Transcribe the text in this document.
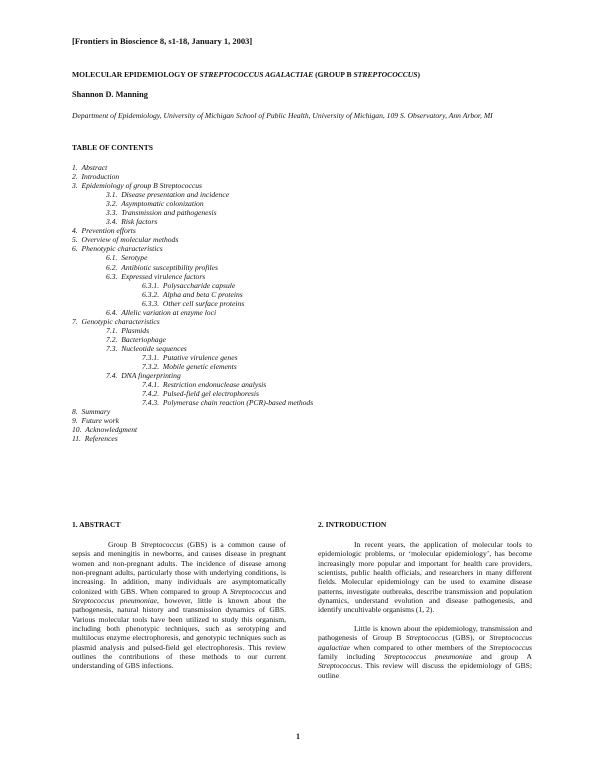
[Frontiers in Bioscience 8, s1-18, January 1, 2003]
MOLECULAR EPIDEMIOLOGY OF STREPTOCOCCUS AGALACTIAE (GROUP B STREPTOCOCCUS)
Shannon D. Manning
Department of Epidemiology, University of Michigan School of Public Health, University of Michigan, 109 S. Observatory, Ann Arbor, MI
TABLE OF CONTENTS
1. Abstract
2. Introduction
3. Epidemiology of group B Streptococcus
3.1. Disease presentation and incidence
3.2. Asymptomatic colonization
3.3. Transmission and pathogenesis
3.4. Risk factors
4. Prevention efforts
5. Overview of molecular methods
6. Phenotypic characteristics
6.1. Serotype
6.2. Antibiotic susceptibility profiles
6.3. Expressed virulence factors
6.3.1. Polysaccharide capsule
6.3.2. Alpha and beta C proteins
6.3.3. Other cell surface proteins
6.4. Allelic variation at enzyme loci
7. Genotypic characteristics
7.1. Plasmids
7.2. Bacteriophage
7.3. Nucleotide sequences
7.3.1. Putative virulence genes
7.3.2. Mobile genetic elements
7.4. DNA fingerprinting
7.4.1. Restriction endonuclease analysis
7.4.2. Pulsed-field gel electrophoresis
7.4.3. Polymerase chain reaction (PCR)-based methods
8. Summary
9. Future work
10. Acknowledgment
11. References
1. ABSTRACT

Group B Streptococcus (GBS) is a common cause of sepsis and meningitis in newborns, and causes disease in pregnant women and non-pregnant adults. The incidence of disease among non-pregnant adults, particularly those with underlying conditions, is increasing. In addition, many individuals are asymptomatically colonized with GBS. When compared to group A Streptococcus and Streptococcus pneumoniae, however, little is known about the pathogenesis, natural history and transmission dynamics of GBS. Various molecular tools have been utilized to study this organism, including both phenotypic techniques, such as serotyping and multilocus enzyme electrophoresis, and genotypic techniques such as plasmid analysis and pulsed-field gel electrophoresis. This review outlines the contributions of these methods to our current understanding of GBS infections.

2. INTRODUCTION

In recent years, the application of molecular tools to epidemiologic problems, or ‘molecular epidemiology’, has become increasingly more popular and important for health care providers, scientists, public health officials, and researchers in many different fields. Molecular epidemiology can be used to examine disease patterns, investigate outbreaks, describe transmission and population dynamics, understand evolution and disease pathogenesis, and identify uncultivable organisms (1, 2).

Little is known about the epidemiology, transmission and pathogenesis of Group B Streptococcus (GBS), or Streptococcus agalactiae when compared to other members of the Streptococcus family including Streptococcus pneumoniae and group A Streptococcus. This review will discuss the epidemiology of GBS; outline

1
